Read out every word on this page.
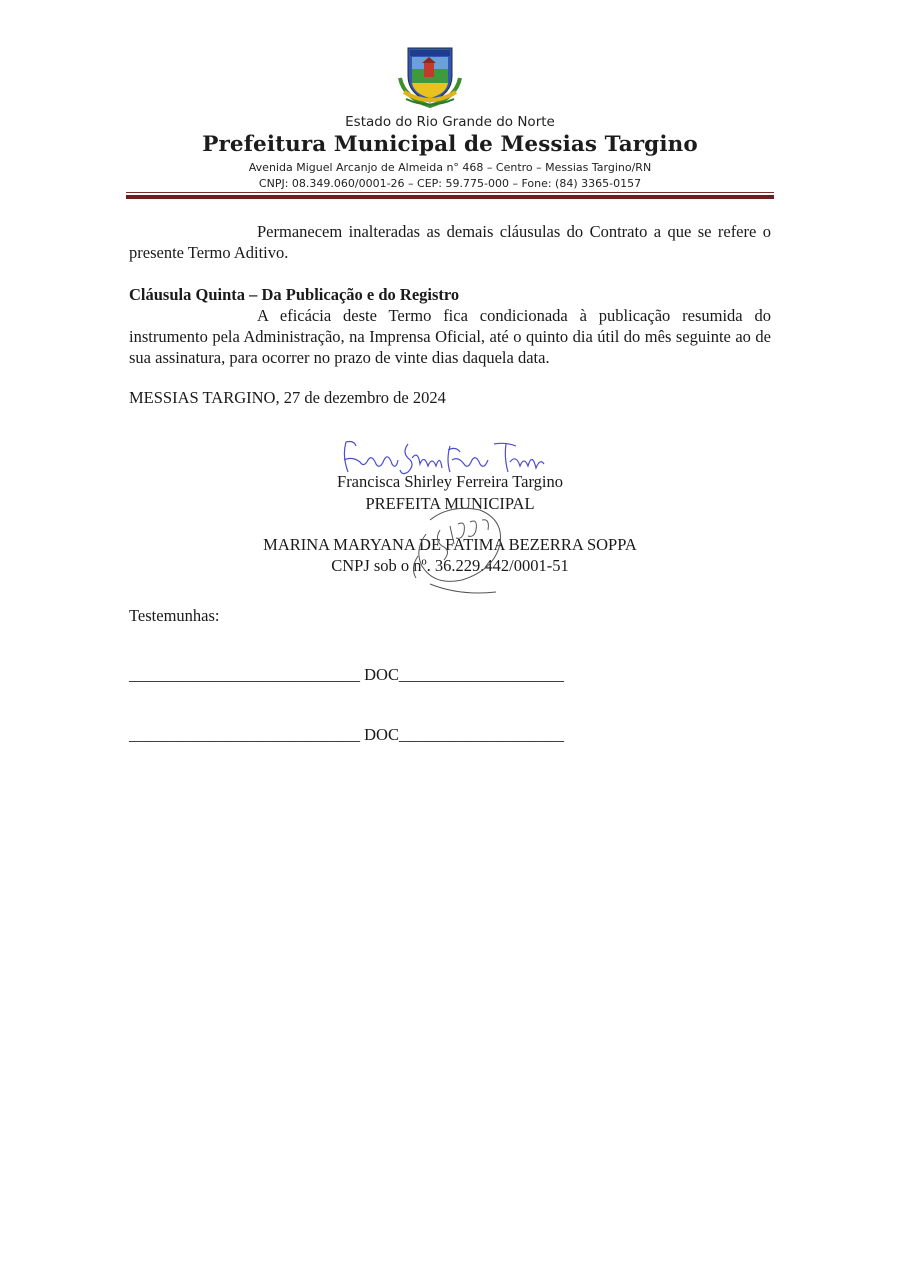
Estado do Rio Grande do Norte
Prefeitura Municipal de Messias Targino
Avenida Miguel Arcanjo de Almeida n° 468 – Centro – Messias Targino/RN
CNPJ: 08.349.060/0001-26 – CEP: 59.775-000 – Fone: (84) 3365-0157
Permanecem inalteradas as demais cláusulas do Contrato a que se refere o presente Termo Aditivo.
Cláusula Quinta – Da Publicação e do Registro
A eficácia deste Termo fica condicionada à publicação resumida do instrumento pela Administração, na Imprensa Oficial, até o quinto dia útil do mês seguinte ao de sua assinatura, para ocorrer no prazo de vinte dias daquela data.
MESSIAS TARGINO, 27 de dezembro de 2024
Francisca Shirley Ferreira Targino
PREFEITA MUNICIPAL
MARINA MARYANA DE FATIMA BEZERRA SOPPA
CNPJ sob o nº. 36.229.442/0001-51
Testemunhas:
____________________________ DOC____________________
____________________________ DOC____________________
